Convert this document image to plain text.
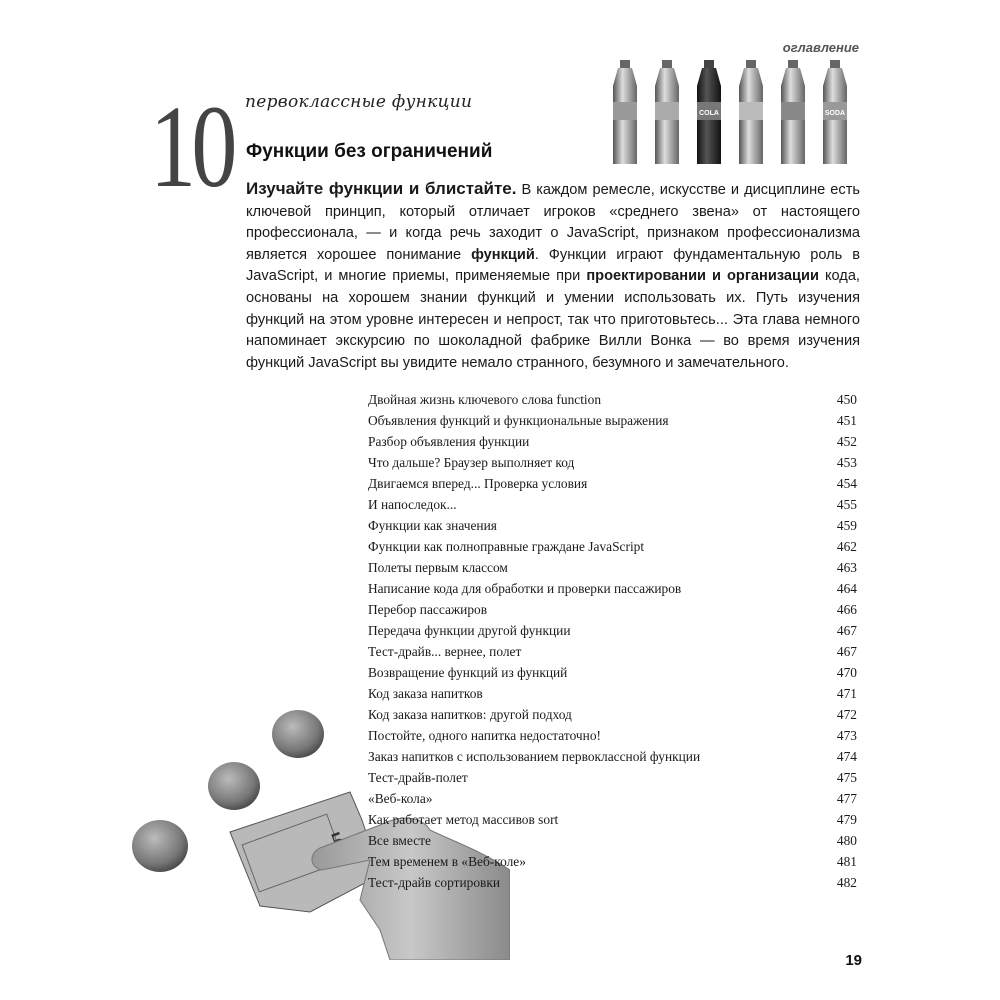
оглавление
10 первоклассные функции
Функции без ограничений
COLA	SODA
Изучайте функции и блистайте. В каждом ремесле, искусстве и дисциплине есть ключевой принцип, который отличает игроков «среднего звена» от настоящего профессионала, — и когда речь заходит о JavaScript, признаком профессионализма является хорошее понимание функций. Функции играют фундаментальную роль в JavaScript, и многие приемы, применяемые при проектировании и организации кода, основаны на хорошем знании функций и умении использовать их. Путь изучения функций на этом уровне интересен и непрост, так что приготовьтесь... Эта глава немного напоминает экскурсию по шоколадной фабрике Вилли Вонка — во время изучения функций JavaScript вы увидите немало странного, безумного и замечательного.
Двойная жизнь ключевого слова function	450
Объявления функций и функциональные выражения	451
Разбор объявления функции	452
Что дальше? Браузер выполняет код	453
Двигаемся вперед... Проверка условия	454
И напоследок...	455
Функции как значения	459
Функции как полноправные граждане JavaScript	462
Полеты первым классом	463
Написание кода для обработки и проверки пассажиров	464
Перебор пассажиров	466
Передача функции другой функции	467
Тест-драйв... вернее, полет	467
Возвращение функций из функций	470
Код заказа напитков	471
Код заказа напитков: другой подход	472
Постойте, одного напитка недостаточно!	473
Заказ напитков с использованием первоклассной функции	474
Тест-драйв-полет	475
«Веб-кола»	477
Как работает метод массивов sort	479
Все вместе	480
Тем временем в «Веб-коле»	481
Тест-драйв сортировки	482
19
